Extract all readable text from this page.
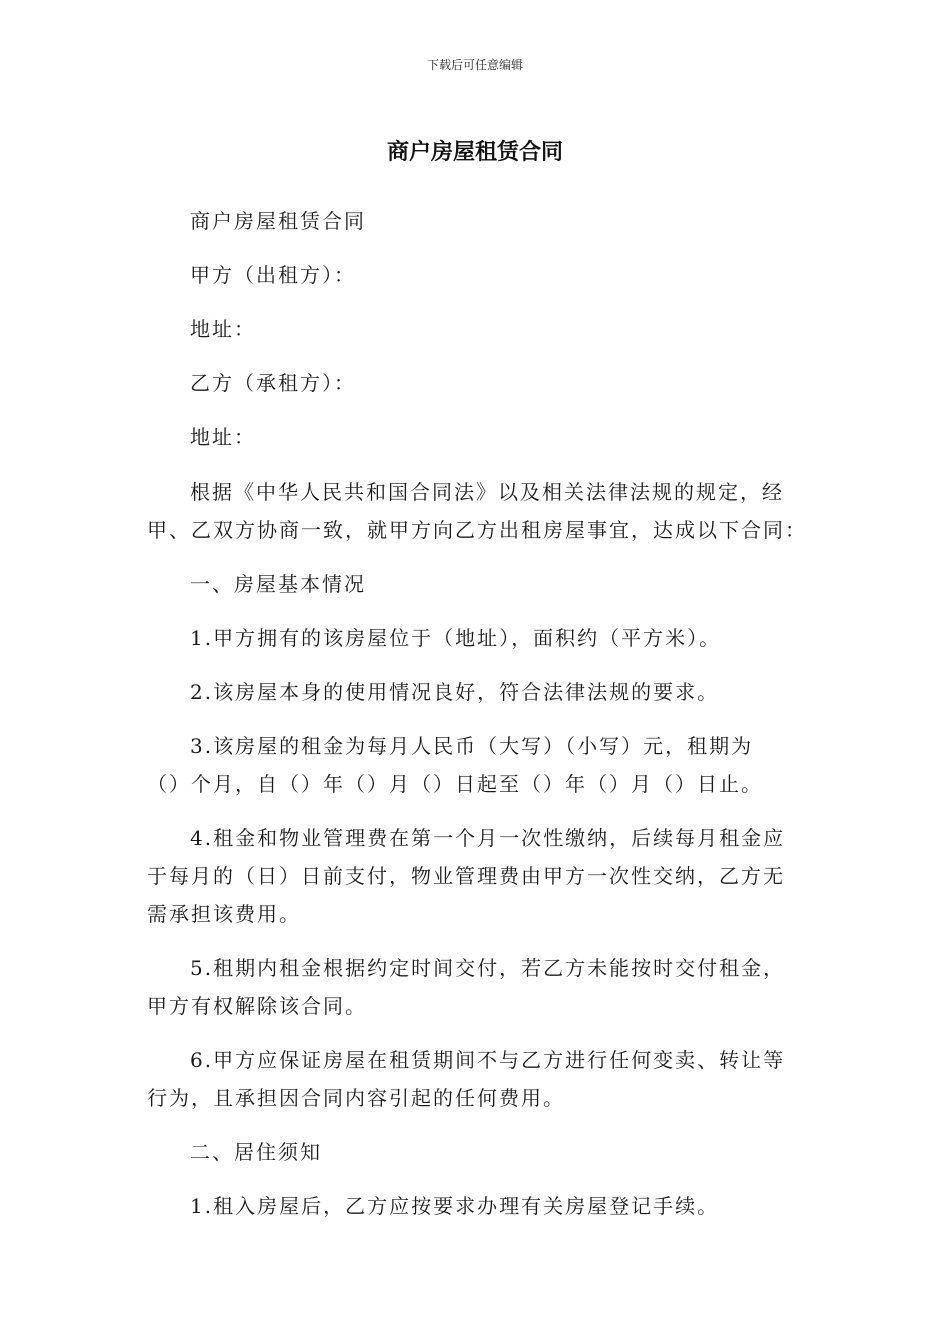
下载后可任意编辑
商户房屋租赁合同
商户房屋租赁合同
甲方（出租方）：
地址：
乙方（承租方）：
地址：
根据《中华人民共和国合同法》以及相关法律法规的规定，经
甲、乙双方协商一致，就甲方向乙方出租房屋事宜，达成以下合同：
一、房屋基本情况
1.甲方拥有的该房屋位于（地址），面积约（平方米）。
2.该房屋本身的使用情况良好，符合法律法规的要求。
3.该房屋的租金为每月人民币（大写）（小写）元，租期为
（）个月，自（）年（）月（）日起至（）年（）月（）日止。
4.租金和物业管理费在第一个月一次性缴纳，后续每月租金应
于每月的（日）日前支付，物业管理费由甲方一次性交纳，乙方无
需承担该费用。
5.租期内租金根据约定时间交付，若乙方未能按时交付租金，
甲方有权解除该合同。
6.甲方应保证房屋在租赁期间不与乙方进行任何变卖、转让等
行为，且承担因合同内容引起的任何费用。
二、居住须知
1.租入房屋后，乙方应按要求办理有关房屋登记手续。
